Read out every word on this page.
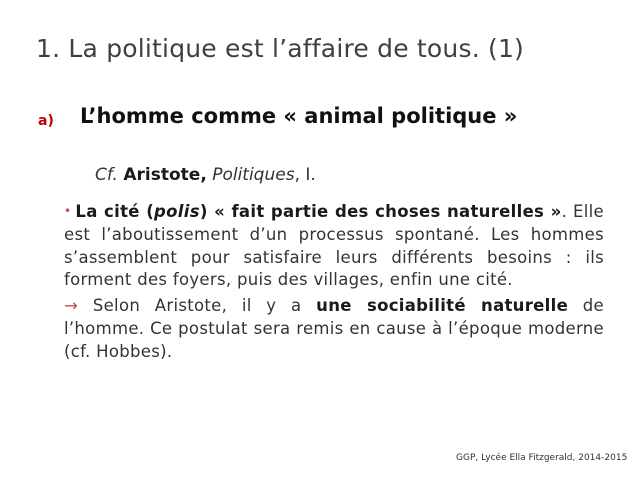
1. La politique est l’affaire de tous. (1)
a) L’homme comme « animal politique »
Cf. Aristote, Politiques, I.

• La cité (polis) « fait partie des choses naturelles ». Elle est l’aboutissement d’un processus spontané. Les hommes s’assemblent pour satisfaire leurs différents besoins : ils forment des foyers, puis des villages, enfin une cité.

→ Selon Aristote, il y a une sociabilité naturelle de l’homme. Ce postulat sera remis en cause à l’époque moderne (cf. Hobbes).

GGP, Lycée Ella Fitzgerald, 2014-2015
